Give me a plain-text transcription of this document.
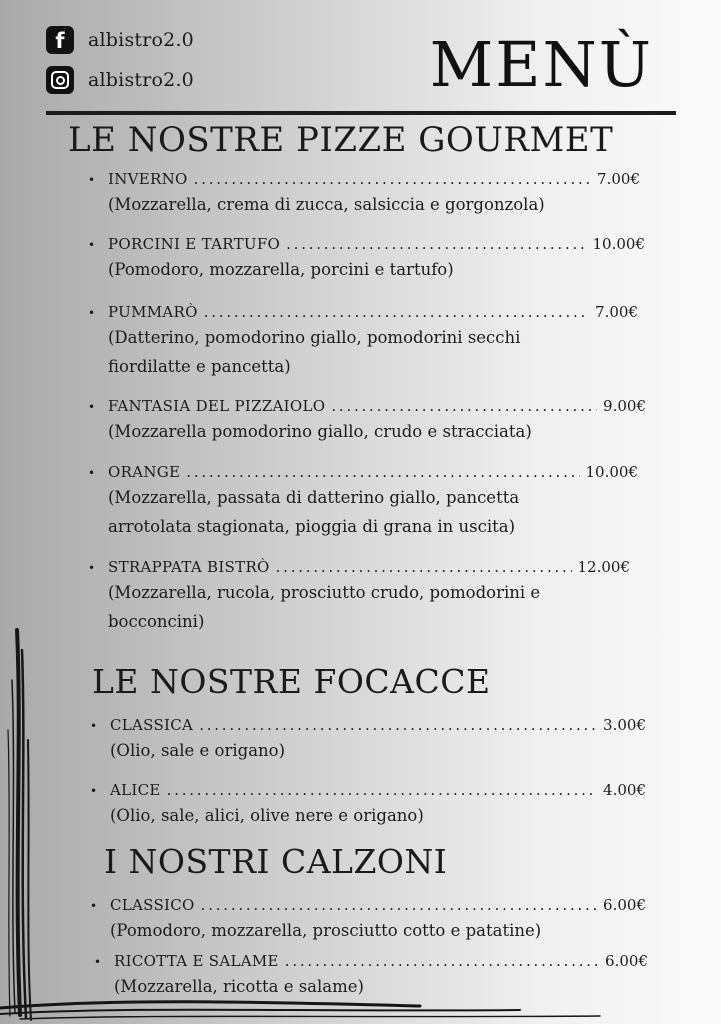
f	albistro2.0
albistro2.0	MENÙ
LE NOSTRE PIZZE GOURMET
• INVERNO . . .	7.00€
(Mozzarella, crema di zucca, salsiccia e gorgonzola)
• PORCINI E TARTUFO . . .	10.00€
(Pomodoro, mozzarella, porcini e tartufo)
• PUMMARÒ . . .	7.00€
(Datterino, pomodorino giallo, pomodorini secchi
fiordilatte e pancetta)
• FANTASIA DEL PIZZAIOLO . . .	9.00€
(Mozzarella pomodorino giallo, crudo e stracciata)
• ORANGE . . .	10.00€
(Mozzarella, passata di datterino giallo, pancetta
arrotolata stagionata, pioggia di grana in uscita)
• STRAPPATA BISTRÒ . . .	12.00€
(Mozzarella, rucola, prosciutto crudo, pomodorini e
bocconcini)
LE NOSTRE FOCACCE
• CLASSICA . . .	3.00€
(Olio, sale e origano)
• ALICE . . .	4.00€
(Olio, sale, alici, olive nere e origano)
I NOSTRI CALZONI
• CLASSICO . . .	6.00€
(Pomodoro, mozzarella, prosciutto cotto e patatine)
• RICOTTA E SALAME . . .	6.00€
(Mozzarella, ricotta e salame)
